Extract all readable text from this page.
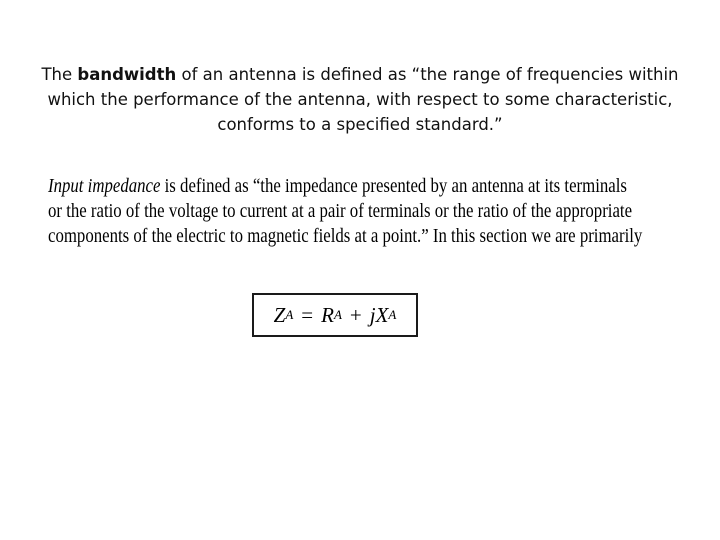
The bandwidth of an antenna is defined as “the range of frequencies within which the performance of the antenna, with respect to some characteristic, conforms to a specified standard.”
Input impedance is defined as “the impedance presented by an antenna at its terminals
or the ratio of the voltage to current at a pair of terminals or the ratio of the appropriate
components of the electric to magnetic fields at a point.” In this section we are primarily
Z A = R A + jX A
